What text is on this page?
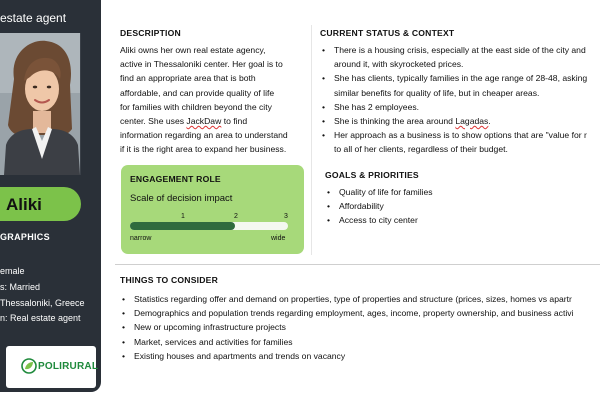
estate agent
Aliki
GRAPHICS
emale
s: Married
Thessaloniki, Greece
n: Real estate agent
POLIRURAL
DESCRIPTION

Aliki owns her own real estate agency,
active in Thessaloniki center. Her goal is to
find an appropriate area that is both
affordable, and can provide quality of life
for families with children beyond the city
center. She uses JackDaw to find
information regarding an area to understand
if it is the right area to expand her business.

ENGAGEMENT ROLE
Scale of decision impact
1	2	3
narrow	wide
CURRENT STATUS & CONTEXT
• There is a housing crisis, especially at the east side of the city and
around it, with skyrocketed prices.
• She has clients, typically families in the age range of 28-48, asking
similar benefits for quality of life, but in cheaper areas.
• She has 2 employees.
• She is thinking the area around Lagadas.
• Her approach as a business is to show options that are "value for r
to all of her clients, regardless of their budget.
GOALS & PRIORITIES
• Quality of life for families
• Affordability
• Access to city center
THINGS TO CONSIDER
• Statistics regarding offer and demand on properties, type of properties and structure (prices, sizes, homes vs apartr
• Demographics and population trends regarding employment, ages, income, property ownership, and business activi
• New or upcoming infrastructure projects
• Market, services and activities for families
• Existing houses and apartments and trends on vacancy
